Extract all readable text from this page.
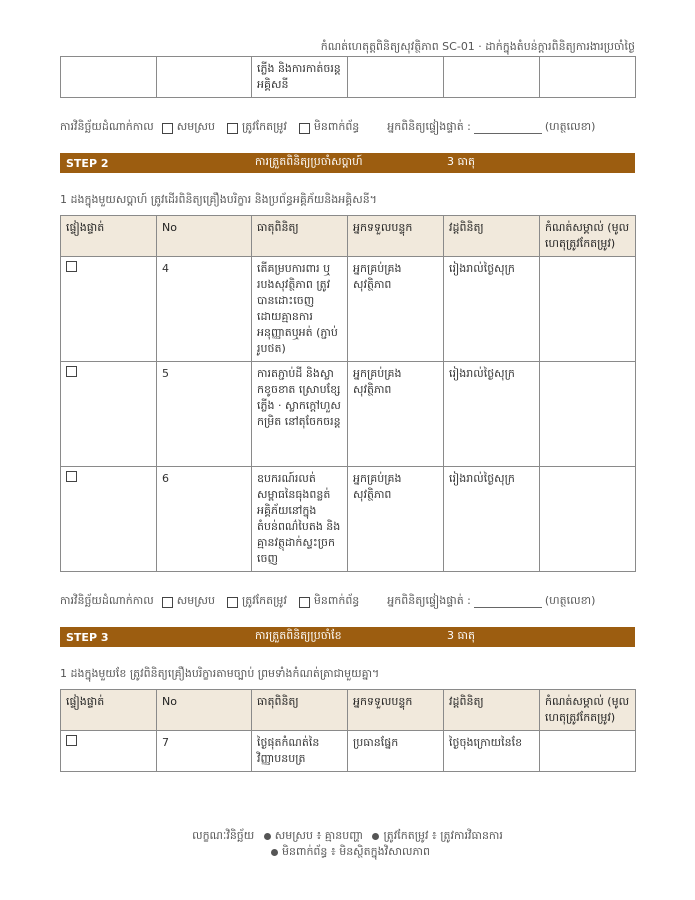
កំណត់ហេតុត្តពិនិត្យសុវត្ថិភាព SC-01 · ដាក់ក្នុងតំបន់ក្តារពិនិត្យការងារប្រចាំថ្ងៃ
		ភ្លើង និងការកាត់ចរន្តអគ្គិសនី			
ការវិនិច្ឆ័យដំណាក់កាល សមស្រប ត្រូវកែតម្រូវ មិនពាក់ព័ន្ធ	អ្នកពិនិត្យផ្ទៀងផ្ទាត់ :	(ហត្ថលេខា)
STEP 2	ការត្រួតពិនិត្យប្រចាំសប្ដាហ៍	3 ធាតុ
1 ដងក្នុងមួយសប្ដាហ៍ ត្រូវដើរពិនិត្យគ្រឿងបរិក្ខារ និងប្រព័ន្ធអគ្គិភ័យនិងអគ្គិសនី។
ផ្ទៀងផ្ទាត់	No	ធាតុពិនិត្យ	អ្នកទទួលបន្ទុក	វដ្តពិនិត្យ	កំណត់សម្គាល់ (មូលហេតុត្រូវកែតម្រូវ)
	4	តើគម្របការពារ ឬ របងសុវត្ថិភាព ត្រូវបានដោះចេញ ដោយគ្មានការអនុញ្ញាតឬអត់ (ភ្ជាប់រូបថត)	អ្នកគ្រប់គ្រងសុវត្ថិភាព	រៀងរាល់ថ្ងៃសុក្រ	
	5	ការតភ្ជាប់ដី និងស្លាកខូចខាត ស្រោបខ្សែភ្លើង · ស្លាកក្តៅហួសកម្រិត នៅតុចែកចរន្ត	អ្នកគ្រប់គ្រងសុវត្ថិភាព	រៀងរាល់ថ្ងៃសុក្រ	
	6	ឧបករណ៍រលត់សម្ពាធនៃធុងពន្លត់អគ្គិភ័យនៅក្នុងតំបន់ពណ៌បៃតង និងគ្មានវត្ថុដាក់ស្ទះច្រកចេញ	អ្នកគ្រប់គ្រងសុវត្ថិភាព	រៀងរាល់ថ្ងៃសុក្រ	
ការវិនិច្ឆ័យដំណាក់កាល សមស្រប ត្រូវកែតម្រូវ មិនពាក់ព័ន្ធ	អ្នកពិនិត្យផ្ទៀងផ្ទាត់ :	(ហត្ថលេខា)
STEP 3	ការត្រួតពិនិត្យប្រចាំខែ	3 ធាតុ
1 ដងក្នុងមួយខែ ត្រូវពិនិត្យគ្រឿងបរិក្ខារតាមច្បាប់ ព្រមទាំងកំណត់ត្រាជាមួយគ្នា។
ផ្ទៀងផ្ទាត់	No	ធាតុពិនិត្យ	អ្នកទទួលបន្ទុក	វដ្តពិនិត្យ	កំណត់សម្គាល់ (មូលហេតុត្រូវកែតម្រូវ)
	7	ថ្ងៃផុតកំណត់នៃវិញ្ញាបនបត្រ	ប្រធានផ្នែក	ថ្ងៃចុងក្រោយនៃខែ	
លក្ខណៈវិនិច្ឆ័យ សមស្រប ៖ គ្មានបញ្ហា ត្រូវកែតម្រូវ ៖ ត្រូវការវិធានការ
មិនពាក់ព័ន្ធ ៖ មិនស្ថិតក្នុងវិសាលភាព
